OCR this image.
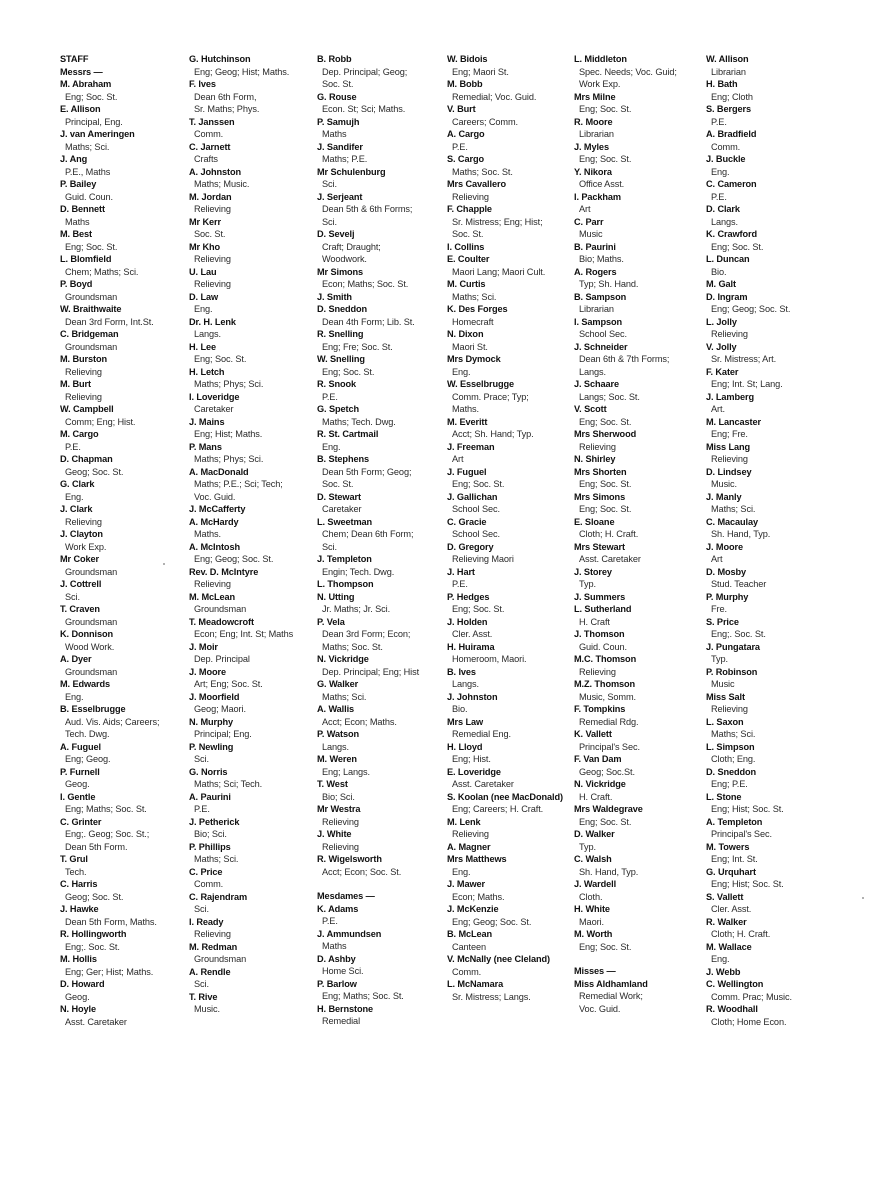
STAFF
Messrs —
M. Abraham
Eng; Soc. St.
E. Allison
Principal, Eng.
J. van Ameringen
Maths; Sci.
J. Ang
P.E., Maths
P. Bailey
Guid. Coun.
D. Bennett
Maths
M. Best
Eng; Soc. St.
L. Blomfield
Chem; Maths; Sci.
P. Boyd
Groundsman
W. Braithwaite
Dean 3rd Form, Int.St.
C. Bridgeman
Groundsman
M. Burston
Relieving
M. Burt
Relieving
W. Campbell
Comm; Eng; Hist.
M. Cargo
P.E.
D. Chapman
Geog; Soc. St.
G. Clark
Eng.
J. Clark
Relieving
J. Clayton
Work Exp.
Mr Coker
Groundsman
J. Cottrell
Sci.
T. Craven
Groundsman
K. Donnison
Wood Work.
A. Dyer
Groundsman
M. Edwards
Eng.
B. Esselbrugge
Aud. Vis. Aids; Careers;
Tech. Dwg.
A. Fuguel
Eng; Geog.
P. Furnell
Geog.
I. Gentle
Eng; Maths; Soc. St.
C. Grinter
Eng;. Geog; Soc. St.;
Dean 5th Form.
T. Grul
Tech.
C. Harris
Geog; Soc. St.
J. Hawke
Dean 5th Form, Maths.
R. Hollingworth
Eng;. Soc. St.
M. Hollis
Eng; Ger; Hist; Maths.
D. Howard
Geog.
N. Hoyle
Asst. Caretaker
G. Hutchinson
Eng; Geog; Hist; Maths.
F. Ives
Dean 6th Form,
Sr. Maths; Phys.
T. Janssen
Comm.
C. Jarnett
Crafts
A. Johnston
Maths; Music.
M. Jordan
Relieving
Mr Kerr
Soc. St.
Mr Kho
Relieving
U. Lau
Relieving
D. Law
Eng.
Dr. H. Lenk
Langs.
H. Lee
Eng; Soc. St.
H. Letch
Maths; Phys; Sci.
I. Loveridge
Caretaker
J. Mains
Eng; Hist; Maths.
P. Mans
Maths; Phys; Sci.
A. MacDonald
Maths; P.E.; Sci; Tech;
Voc. Guid.
J. McCafferty
A. McHardy
Maths.
A. McIntosh
Eng; Geog; Soc. St.
Rev. D. McIntyre
Relieving
M. McLean
Groundsman
T. Meadowcroft
Econ; Eng; Int. St; Maths
J. Moir
Dep. Principal
J. Moore
Art; Eng; Soc. St.
J. Moorfield
Geog; Maori.
N. Murphy
Principal; Eng.
P. Newling
Sci.
G. Norris
Maths; Sci; Tech.
A. Paurini
P.E.
J. Petherick
Bio; Sci.
P. Phillips
Maths; Sci.
C. Price
Comm.
C. Rajendram
Sci.
I. Ready
Relieving
M. Redman
Groundsman
A. Rendle
Sci.
T. Rive
Music.
B. Robb
Dep. Principal; Geog;
Soc. St.
G. Rouse
Econ. St; Sci; Maths.
P. Samujh
Maths
J. Sandifer
Maths; P.E.
Mr Schulenburg
Sci.
J. Serjeant
Dean 5th & 6th Forms;
Sci.
D. Sevelj
Craft; Draught;
Woodwork.
Mr Simons
Econ; Maths; Soc. St.
J. Smith
D. Sneddon
Dean 4th Form; Lib. St.
R. Snelling
Eng; Fre; Soc. St.
W. Snelling
Eng; Soc. St.
R. Snook
P.E.
G. Spetch
Maths; Tech. Dwg.
R. St. Cartmail
Eng.
B. Stephens
Dean 5th Form; Geog;
Soc. St.
D. Stewart
Caretaker
L. Sweetman
Chem; Dean 6th Form;
Sci.
J. Templeton
Engin; Tech. Dwg.
L. Thompson
N. Utting
Jr. Maths; Jr. Sci.
P. Vela
Dean 3rd Form; Econ;
Maths; Soc. St.
N. Vickridge
Dep. Principal; Eng; Hist
G. Walker
Maths; Sci.
A. Wallis
Acct; Econ; Maths.
P. Watson
Langs.
M. Weren
Eng; Langs.
T. West
Bio; Sci.
Mr Westra
Relieving
J. White
Relieving
R. Wigelsworth
Acct; Econ; Soc. St.
Mesdames —
K. Adams
P.E.
J. Ammundsen
Maths
D. Ashby
Home Sci.
P. Barlow
Eng; Maths; Soc. St.
H. Bernstone
Remedial
W. Bidois
Eng; Maori St.
M. Bobb
Remedial; Voc. Guid.
V. Burt
Careers; Comm.
A. Cargo
P.E.
S. Cargo
Maths; Soc. St.
Mrs Cavallero
Relieving
F. Chapple
Sr. Mistress; Eng; Hist;
Soc. St.
I. Collins
E. Coulter
Maori Lang; Maori Cult.
M. Curtis
Maths; Sci.
K. Des Forges
Homecraft
N. Dixon
Maori St.
Mrs Dymock
Eng.
W. Esselbrugge
Comm. Prace; Typ;
Maths.
M. Everitt
Acct; Sh. Hand; Typ.
J. Freeman
Art
J. Fuguel
Eng; Soc. St.
J. Gallichan
School Sec.
C. Gracie
School Sec.
D. Gregory
Relieving Maori
J. Hart
P.E.
P. Hedges
Eng; Soc. St.
J. Holden
Cler. Asst.
H. Huirama
Homeroom, Maori.
B. Ives
Langs.
J. Johnston
Bio.
Mrs Law
Remedial Eng.
H. Lloyd
Eng; Hist.
E. Loveridge
Asst. Caretaker
S. Koolan (nee MacDonald)
Eng; Careers; H. Craft.
M. Lenk
Relieving
A. Magner
Mrs Matthews
Eng.
J. Mawer
Econ; Maths.
J. McKenzie
Eng; Geog; Soc. St.
B. McLean
Canteen
V. McNally (nee Cleland)
Comm.
L. McNamara
Sr. Mistress; Langs.
L. Middleton
Spec. Needs; Voc. Guid;
Work Exp.
Mrs Milne
Eng; Soc. St.
R. Moore
Librarian
J. Myles
Eng; Soc. St.
Y. Nikora
Office Asst.
I. Packham
Art
C. Parr
Music
B. Paurini
Bio; Maths.
A. Rogers
Typ; Sh. Hand.
B. Sampson
Librarian
I. Sampson
School Sec.
J. Schneider
Dean 6th & 7th Forms;
Langs.
J. Schaare
Langs; Soc. St.
V. Scott
Eng; Soc. St.
Mrs Sherwood
Relieving
N. Shirley
Mrs Shorten
Eng; Soc. St.
Mrs Simons
Eng; Soc. St.
E. Sloane
Cloth; H. Craft.
Mrs Stewart
Asst. Caretaker
J. Storey
Typ.
J. Summers
L. Sutherland
H. Craft
J. Thomson
Guid. Coun.
M.C. Thomson
Relieving
M.Z. Thomson
Music, Somm.
F. Tompkins
Remedial Rdg.
K. Vallett
Principal's Sec.
F. Van Dam
Geog; Soc.St.
N. Vickridge
H. Craft.
Mrs Waldegrave
Eng; Soc. St.
D. Walker
Typ.
C. Walsh
Sh. Hand, Typ.
J. Wardell
Cloth.
H. White
Maori.
M. Worth
Eng; Soc. St.
Misses —
Miss Aldhamland
Remedial Work;
Voc. Guid.
W. Allison
Librarian
H. Bath
Eng; Cloth
S. Bergers
P.E.
A. Bradfield
Comm.
J. Buckle
Eng.
C. Cameron
P.E.
D. Clark
Langs.
K. Crawford
Eng; Soc. St.
L. Duncan
Bio.
M. Galt
D. Ingram
Eng; Geog; Soc. St.
L. Jolly
Relieving
V. Jolly
Sr. Mistress; Art.
F. Kater
Eng; Int. St; Lang.
J. Lamberg
Art.
M. Lancaster
Eng; Fre.
Miss Lang
Relieving
D. Lindsey
Music.
J. Manly
Maths; Sci.
C. Macaulay
Sh. Hand, Typ.
J. Moore
Art
D. Mosby
Stud. Teacher
P. Murphy
Fre.
S. Price
Eng;. Soc. St.
J. Pungatara
Typ.
P. Robinson
Music
Miss Salt
Relieving
L. Saxon
Maths; Sci.
L. Simpson
Cloth; Eng.
D. Sneddon
Eng; P.E.
L. Stone
Eng; Hist; Soc. St.
A. Templeton
Principal's Sec.
M. Towers
Eng; Int. St.
G. Urquhart
Eng; Hist; Soc. St.
S. Vallett
Cler. Asst.
R. Walker
Cloth; H. Craft.
M. Wallace
Eng.
J. Webb
C. Wellington
Comm. Prac; Music.
R. Woodhall
Cloth; Home Econ.
